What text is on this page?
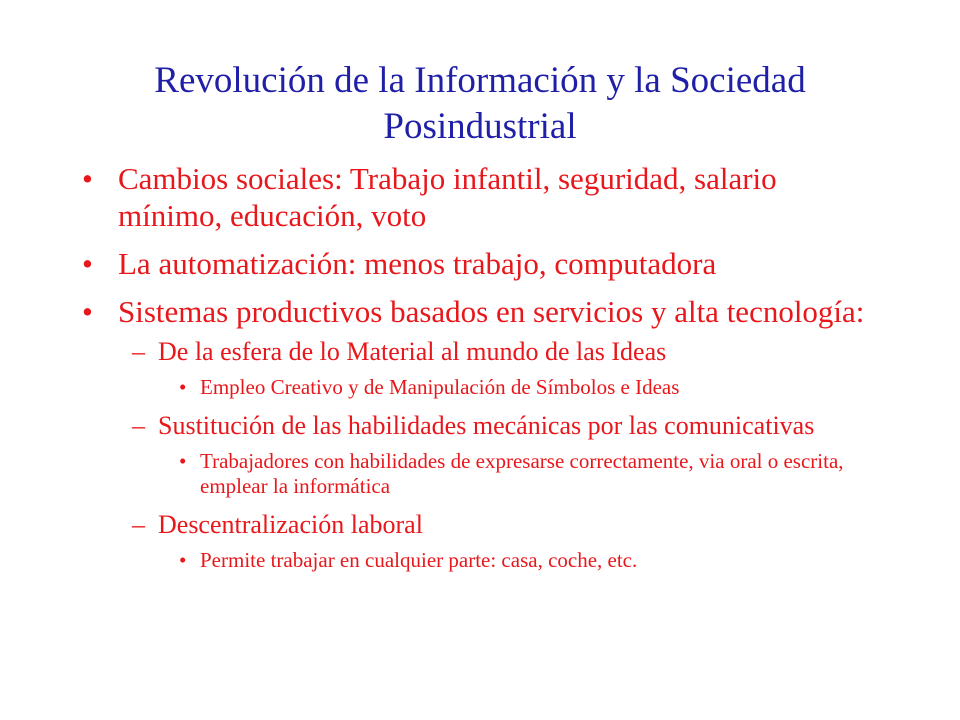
Revolución de la Información y la Sociedad Posindustrial
• Cambios sociales: Trabajo infantil, seguridad, salario mínimo, educación, voto
• La automatización: menos trabajo, computadora
• Sistemas productivos basados en servicios y alta tecnología:
– De la esfera de lo Material al mundo de las Ideas
• Empleo Creativo y de Manipulación de Símbolos e Ideas
– Sustitución de las habilidades mecánicas por las comunicativas
• Trabajadores con habilidades de expresarse correctamente, via oral o escrita, emplear la informática
– Descentralización laboral
• Permite trabajar en cualquier parte: casa, coche, etc.
